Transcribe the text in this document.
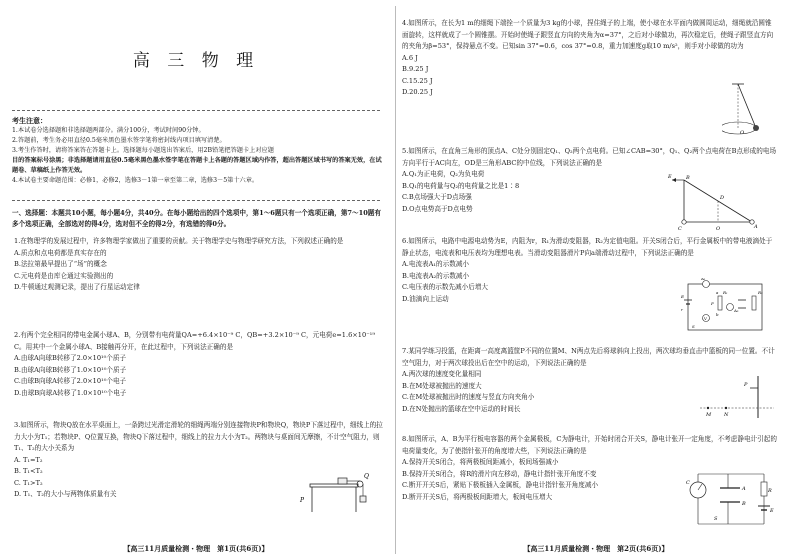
高 三 物 理
考生注意：
1.本试卷分选择题和非选择题两部分。满分100分，考试时间90分钟。
2.答题前，考生务必用直径0.5毫米黑色墨水签字笔将密封线内项目填写清楚。
3.考生作答时，请将答案答在答题卡上。选择题每小题选出答案后，用2B铅笔把答题卡上对应题
目的答案标号涂黑；非选择题请用直径0.5毫米黑色墨水签字笔在答题卡上各题的答题区域内作答，超出答题区域书写的答案无效，在试题卷、草稿纸上作答无效。
4.本试卷主要命题范围：必修1，必修2，选修3－1第一章至第二章，选修3－5第十六章。
一、选择题：本题共10小题，每小题4分，共40分。在每小题给出的四个选项中，第1～6题只有一个选项正确，第7～10题有多个选项正确，全部选对的得4分，选对但不全的得2分，有选错的得0分。
1.在物理学的发展过程中，许多物理学家做出了重要的贡献。关于物理学史与物理学研究方法，下列叙述正确的是
A.质点和点电荷都是真实存在的
B.法拉第最早提出了“场”的概念
C.元电荷是由库仑通过实验测出的
D.牛顿通过观测记录，提出了行星运动定律
2.有两个完全相同的带电金属小球A、B，分别带有电荷量QA=+6.4×10⁻⁹ C，QB=+3.2×10⁻⁹ C，元电荷e=1.6×10⁻¹⁹ C。用其中一个金属小球A、B接触再分开，在此过程中，下列说法正确的是
A.由球A向球B转移了2.0×10¹⁰个质子
B.由球A向球B转移了1.0×10¹⁰个质子
C.由球B向球A转移了2.0×10¹⁰个电子
D.由球B向球A转移了1.0×10¹⁰个电子
3.如图所示，物块Q放在水平桌面上，一条跨过光滑定滑轮的细绳两端分别连接物块P和物块Q，物块P下落过程中，细线上的拉力大小为T₁；若物块P、Q位置互换，物块Q下落过程中，细线上的拉力大小为T₂。两物块与桌面间无摩擦，不计空气阻力，则T₁、T₂的大小关系为
A. T₁=T₂
B. T₁<T₂
C. T₁>T₂
D. T₁、T₂的大小与两物体质量有关
P
Q
【高三11月质量检测・物理　第1页(共6页)】
4.如图所示，在长为1 m的细绳下端拴一个质量为3 kg的小球，捏住绳子的上端，使小球在水平面内做圆周运动，细绳就沿圆锥面旋转，这样就成了一个圆锥摆。开始时使绳子跟竖直方向的夹角为α=37°，之后对小球做功，再次稳定后，使绳子跟竖直方向的夹角为β=53°，保持悬点不变。已知sin 37°=0.6，cos 37°=0.8，重力加速度g取10 m/s²，则手对小球做的功为
A.6 J
B.9.25 J
C.15.25 J
D.20.25 J
O
5.如图所示，在直角三角形的顶点A、C处分别固定Q₁、Q₂两个点电荷。已知∠CAB=30°，Q₁、Q₂两个点电荷在B点形成的电场方向平行于AC向左，OD是三角形ABC的中位线，下列说法正确的是
A.Q₁为正电荷，Q₂为负电荷
B.Q₁的电荷量与Q₂的电荷量之比是1∶8
C.B点场强大于D点场强
D.O点电势高于D点电势
E	B
D
A
O
C
6.如图所示，电路中电源电动势为E，内阻为r，R₁为滑动变阻器，R₂为定值电阻。开关S闭合后，平行金属板中的带电液滴处于静止状态，电流表和电压表均为理想电表。当滑动变阻器滑片P向a端滑动过程中，下列说法正确的是
A.电流表A₁的示数减小
B.电流表A₂的示数减小
C.电压表的示数先减小后增大
D.油滴向上运动
A₁
A₂
V
E
r
S
R₁	R₂
a
b
P
7.某同学练习投篮，在距离一高度离篮筐P不同的位置M、N两点先后将球斜向上投出，两次球均垂直击中篮板的同一位置。不计空气阻力，对于两次球投出后在空中的运动，下列说法正确的是
A.两次球的速度变化量相同
B.在M处球被抛出的速度大
C.在M处球被抛出时的速度与竖直方向夹角小
D.在N处抛出的篮球在空中运动的时间长
P
M	N
8.如图所示，A、B为平行板电容器的两个金属极板，C为静电计，开始时闭合开关S，静电计张开一定角度，不考虑静电计引起的电荷量变化，为了使指针张开的角度增大些，下列说法正确的是
A.保持开关S闭合，将两极板间距减小，板间场强减小
B.保持开关S闭合，将R的滑片向左移动，静电计指针张开角度不变
C.断开开关S后，紧贴下极板插入金属板，静电计指针张开角度减小
D.断开开关S后，将两极板间距增大，板间电压增大
C
A
B
S
R
E
【高三11月质量检测・物理　第2页(共6页)】
